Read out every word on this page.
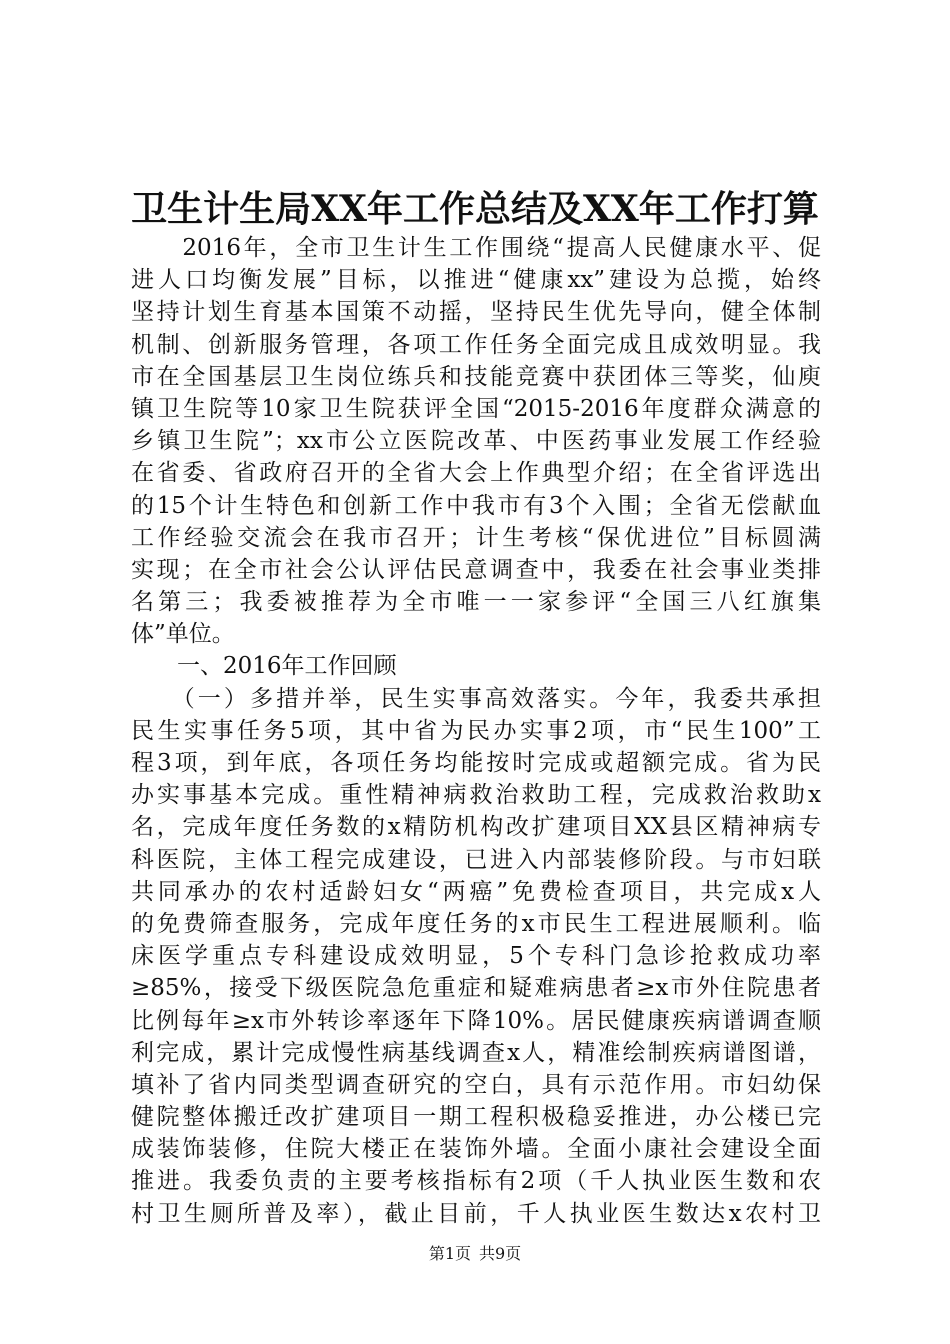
卫生计生局XX年工作总结及XX年工作打算
　　2016年，全市卫生计生工作围绕“提高人民健康水平、促
进人口均衡发展”目标，以推进“健康xx”建设为总揽，始终
坚持计划生育基本国策不动摇，坚持民生优先导向，健全体制
机制、创新服务管理，各项工作任务全面完成且成效明显。我
市在全国基层卫生岗位练兵和技能竞赛中获团体三等奖，仙庾
镇卫生院等10家卫生院获评全国“2015-2016年度群众满意的
乡镇卫生院”；xx市公立医院改革、中医药事业发展工作经验
在省委、省政府召开的全省大会上作典型介绍；在全省评选出
的15个计生特色和创新工作中我市有3个入围；全省无偿献血
工作经验交流会在我市召开；计生考核“保优进位”目标圆满
实现；在全市社会公认评估民意调查中，我委在社会事业类排
名第三；我委被推荐为全市唯一一家参评“全国三八红旗集
体”单位。
　　一、2016年工作回顾
　　（一）多措并举，民生实事高效落实。今年，我委共承担
民生实事任务5项，其中省为民办实事2项，市“民生100”工
程3项，到年底，各项任务均能按时完成或超额完成。省为民
办实事基本完成。重性精神病救治救助工程，完成救治救助x
名，完成年度任务数的x精防机构改扩建项目XX县区精神病专
科医院，主体工程完成建设，已进入内部装修阶段。与市妇联
共同承办的农村适龄妇女“两癌”免费检查项目，共完成x人
的免费筛查服务，完成年度任务的x市民生工程进展顺利。临
床医学重点专科建设成效明显，5个专科门急诊抢救成功率
≥85%，接受下级医院急危重症和疑难病患者≥x市外住院患者
比例每年≥x市外转诊率逐年下降10%。居民健康疾病谱调查顺
利完成，累计完成慢性病基线调查x人，精准绘制疾病谱图谱，
填补了省内同类型调查研究的空白，具有示范作用。市妇幼保
健院整体搬迁改扩建项目一期工程积极稳妥推进，办公楼已完
成装饰装修，住院大楼正在装饰外墙。全面小康社会建设全面
推进。我委负责的主要考核指标有2项（千人执业医生数和农
村卫生厕所普及率），截止目前，千人执业医生数达x农村卫
第1页 共9页
